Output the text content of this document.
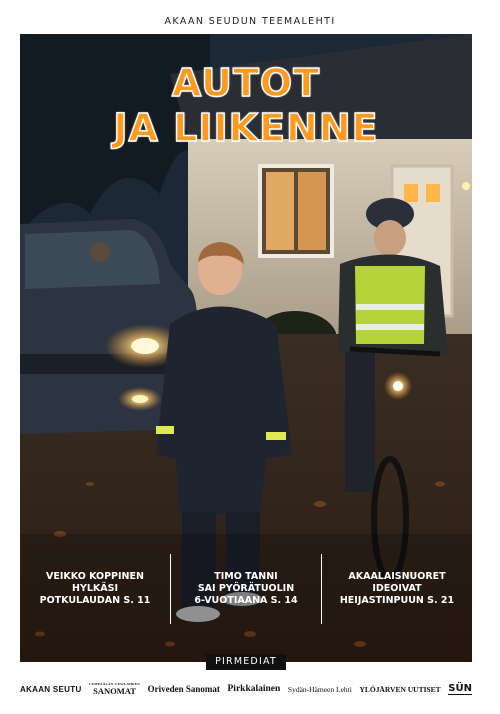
AKAAN SEUDUN TEEMALEHTI
AUTOT
JA LIIKENNE
VEIKKO KOPPINEN
HYLKÄSI
POTKULAUDAN S. 11
TIMO TANNI
SAI PYÖRÄTUOLIN
6-VUOTIAANA S. 14
AKAALAISNUORET
IDEOIVAT
HEIJASTINPUUN S. 21
PIRMEDIAT
AKAAN SEUTU
LEMPÄÄLÄN-VESILAHDEN
SANOMAT Oriveden Sanomat Pirkkalainen Sydän-Hämeen Lehti YLÖJÄRVEN UUTISET SÜN
